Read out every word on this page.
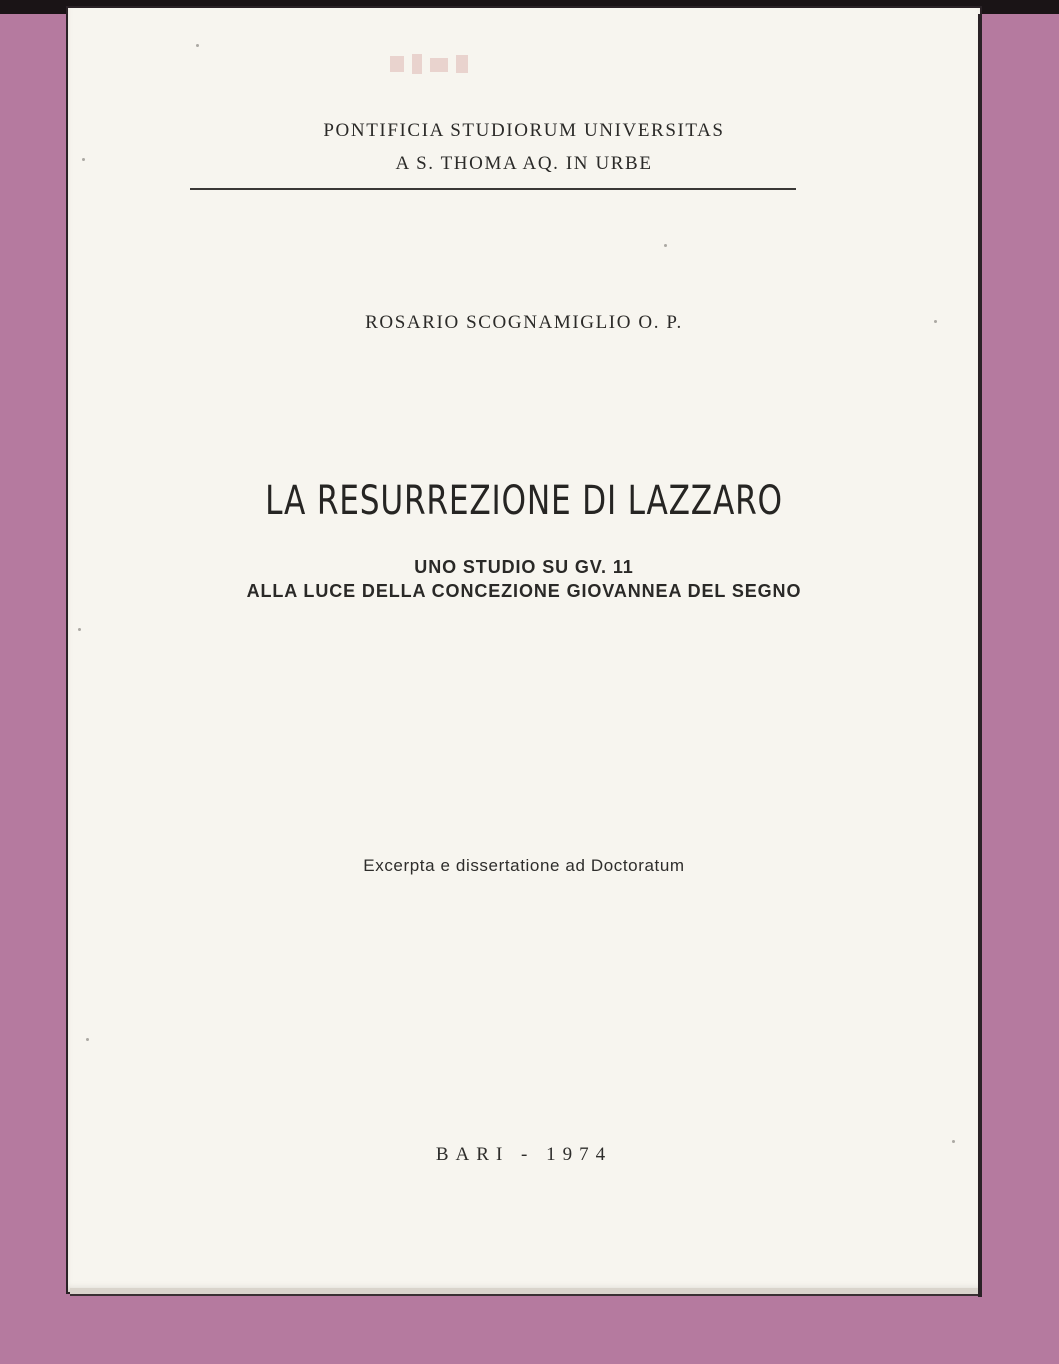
PONTIFICIA STUDIORUM UNIVERSITAS
A S. THOMA AQ. IN URBE
ROSARIO SCOGNAMIGLIO O. P.
LA RESURREZIONE DI LAZZARO
UNO STUDIO SU GV. 11
ALLA LUCE DELLA CONCEZIONE GIOVANNEA DEL SEGNO
Excerpta e dissertatione ad Doctoratum
BARI - 1974
